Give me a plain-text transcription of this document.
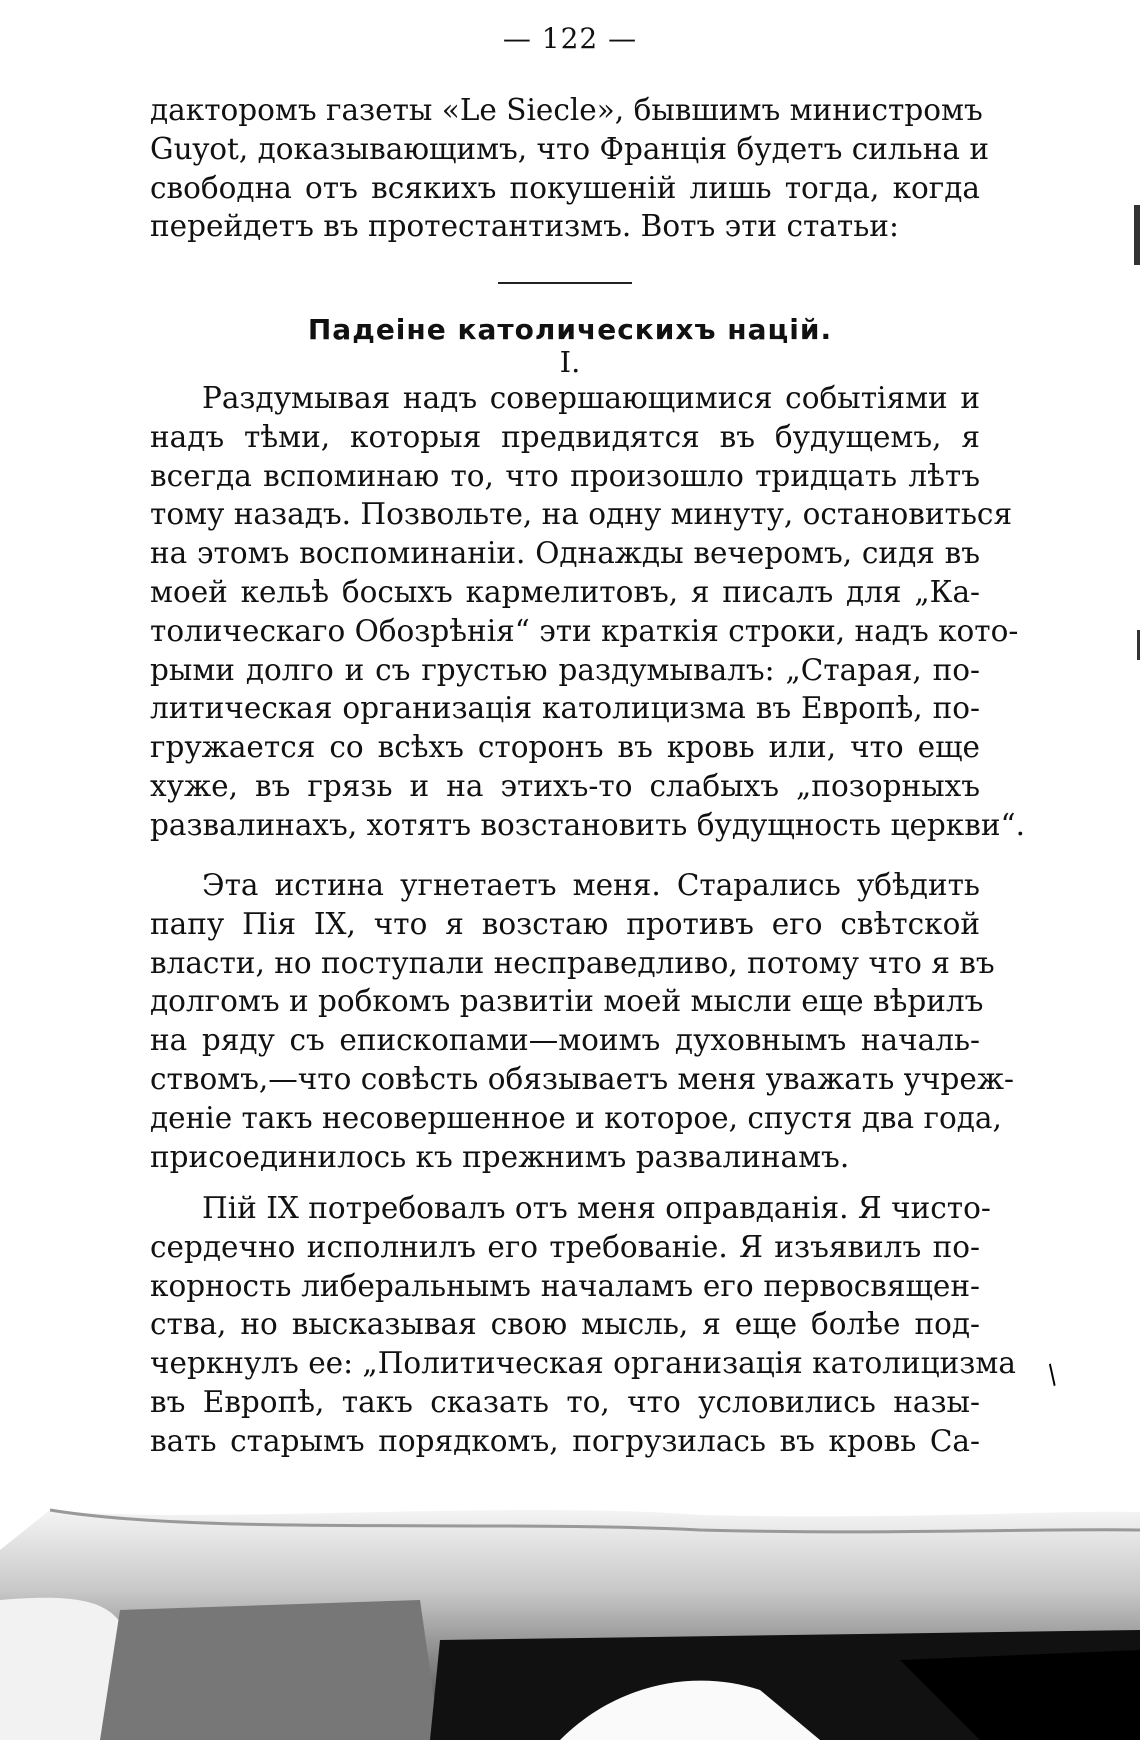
— 122 —
дакторомъ газеты «Le Siecle», бывшимъ министромъ
Guyot, доказывающимъ, что Францiя будетъ сильна и
свободна отъ всякихъ покушенiй лишь тогда, когда
перейдетъ въ протестантизмъ. Вотъ эти статьи:
Падеiне католическихъ нацiй.
I.
Раздумывая надъ совершающимися событiями и
надъ тѣми, которыя предвидятся въ будущемъ, я
всегда вспоминаю то, что произошло тридцать лѣтъ
тому назадъ. Позвольте, на одну минуту, остановиться
на этомъ воспоминанiи. Однажды вечеромъ, сидя въ
моей кельѣ босыхъ кармелитовъ, я писалъ для „Ка-
толическаго Обозрѣнiя“ эти краткiя строки, надъ кото-
рыми долго и съ грустью раздумывалъ: „Старая, по-
литическая организацiя католицизма въ Европѣ, по-
гружается со всѣхъ сторонъ въ кровь или, что еще
хуже, въ грязь и на этихъ-то слабыхъ „позорныхъ
развалинахъ, хотятъ возстановить будущность церкви“.
Эта истина угнетаетъ меня. Старались убѣдить
папу Пiя IX, что я возстаю противъ его свѣтской
власти, но поступали несправедливо, потому что я въ
долгомъ и робкомъ развитiи моей мысли еще вѣрилъ
на ряду съ епископами—моимъ духовнымъ началь-
ствомъ,—что совѣсть обязываетъ меня уважать учреж-
денiе такъ несовершенное и которое, спустя два года,
присоединилось къ прежнимъ развалинамъ.
Пiй IX потребовалъ отъ меня оправданiя. Я чисто-
сердечно исполнилъ его требованiе. Я изъявилъ по-
корность либеральнымъ началамъ его первосвящен-
ства, но высказывая свою мысль, я еще болѣе под-
черкнулъ ее: „Политическая организацiя католицизма
въ Европѣ, такъ сказать то, что условились назы-
вать старымъ порядкомъ, погрузилась въ кровь Са-
/
